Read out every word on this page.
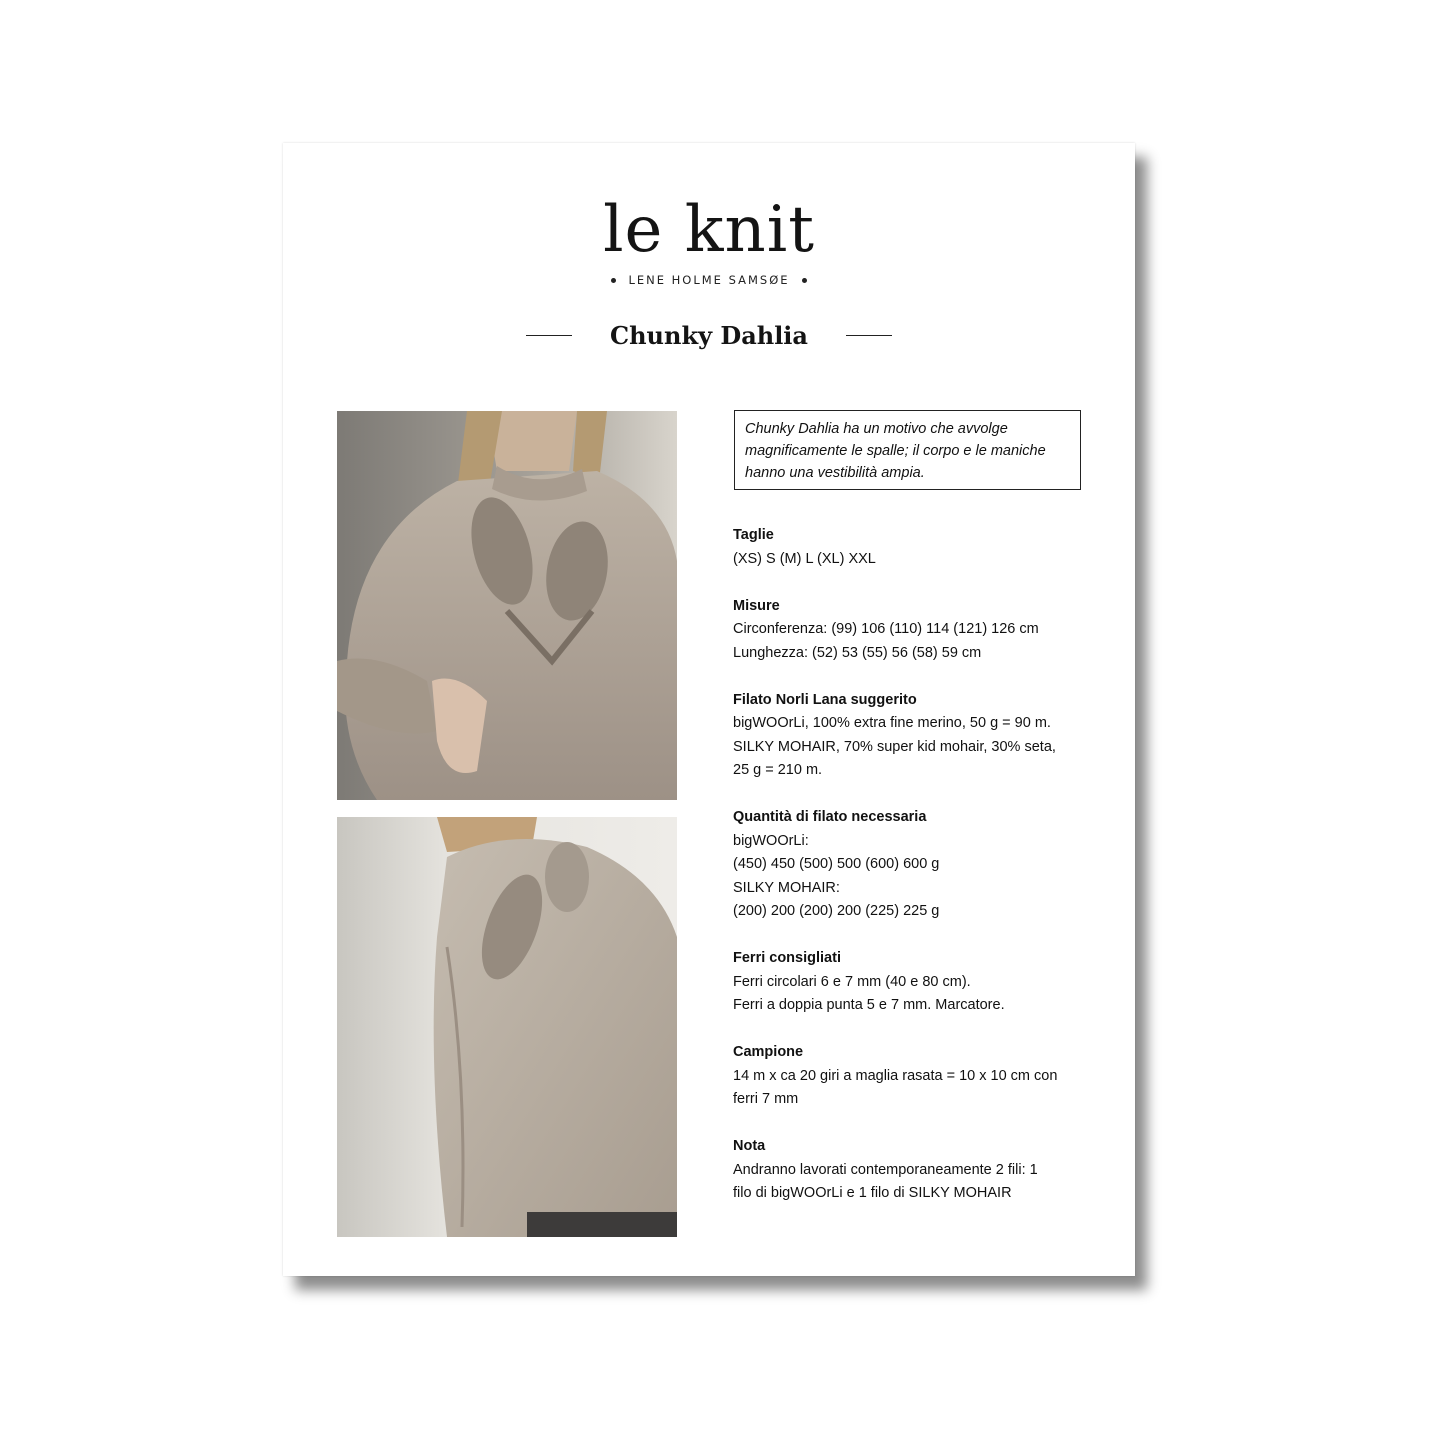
le knit
LENE HOLME SAMSØE
Chunky Dahlia
Chunky Dahlia ha un motivo che avvolge
magnificamente le spalle; il corpo e le maniche
hanno una vestibilità ampia.
Taglie
(XS) S (M) L (XL) XXL
Misure
Circonferenza: (99) 106 (110) 114 (121) 126 cm
Lunghezza: (52) 53 (55) 56 (58) 59 cm
Filato Norli Lana suggerito
bigWOOrLi, 100% extra fine merino, 50 g = 90 m.
SILKY MOHAIR, 70% super kid mohair, 30% seta,
25 g = 210 m.
Quantità di filato necessaria
bigWOOrLi:
(450) 450 (500) 500 (600) 600 g
SILKY MOHAIR:
(200) 200 (200) 200 (225) 225 g
Ferri consigliati
Ferri circolari 6 e 7 mm (40 e 80 cm).
Ferri a doppia punta 5 e 7 mm. Marcatore.
Campione
14 m x ca 20 giri a maglia rasata = 10 x 10 cm con
ferri 7 mm
Nota
Andranno lavorati contemporaneamente 2 fili: 1
filo di bigWOOrLi e 1 filo di SILKY MOHAIR
